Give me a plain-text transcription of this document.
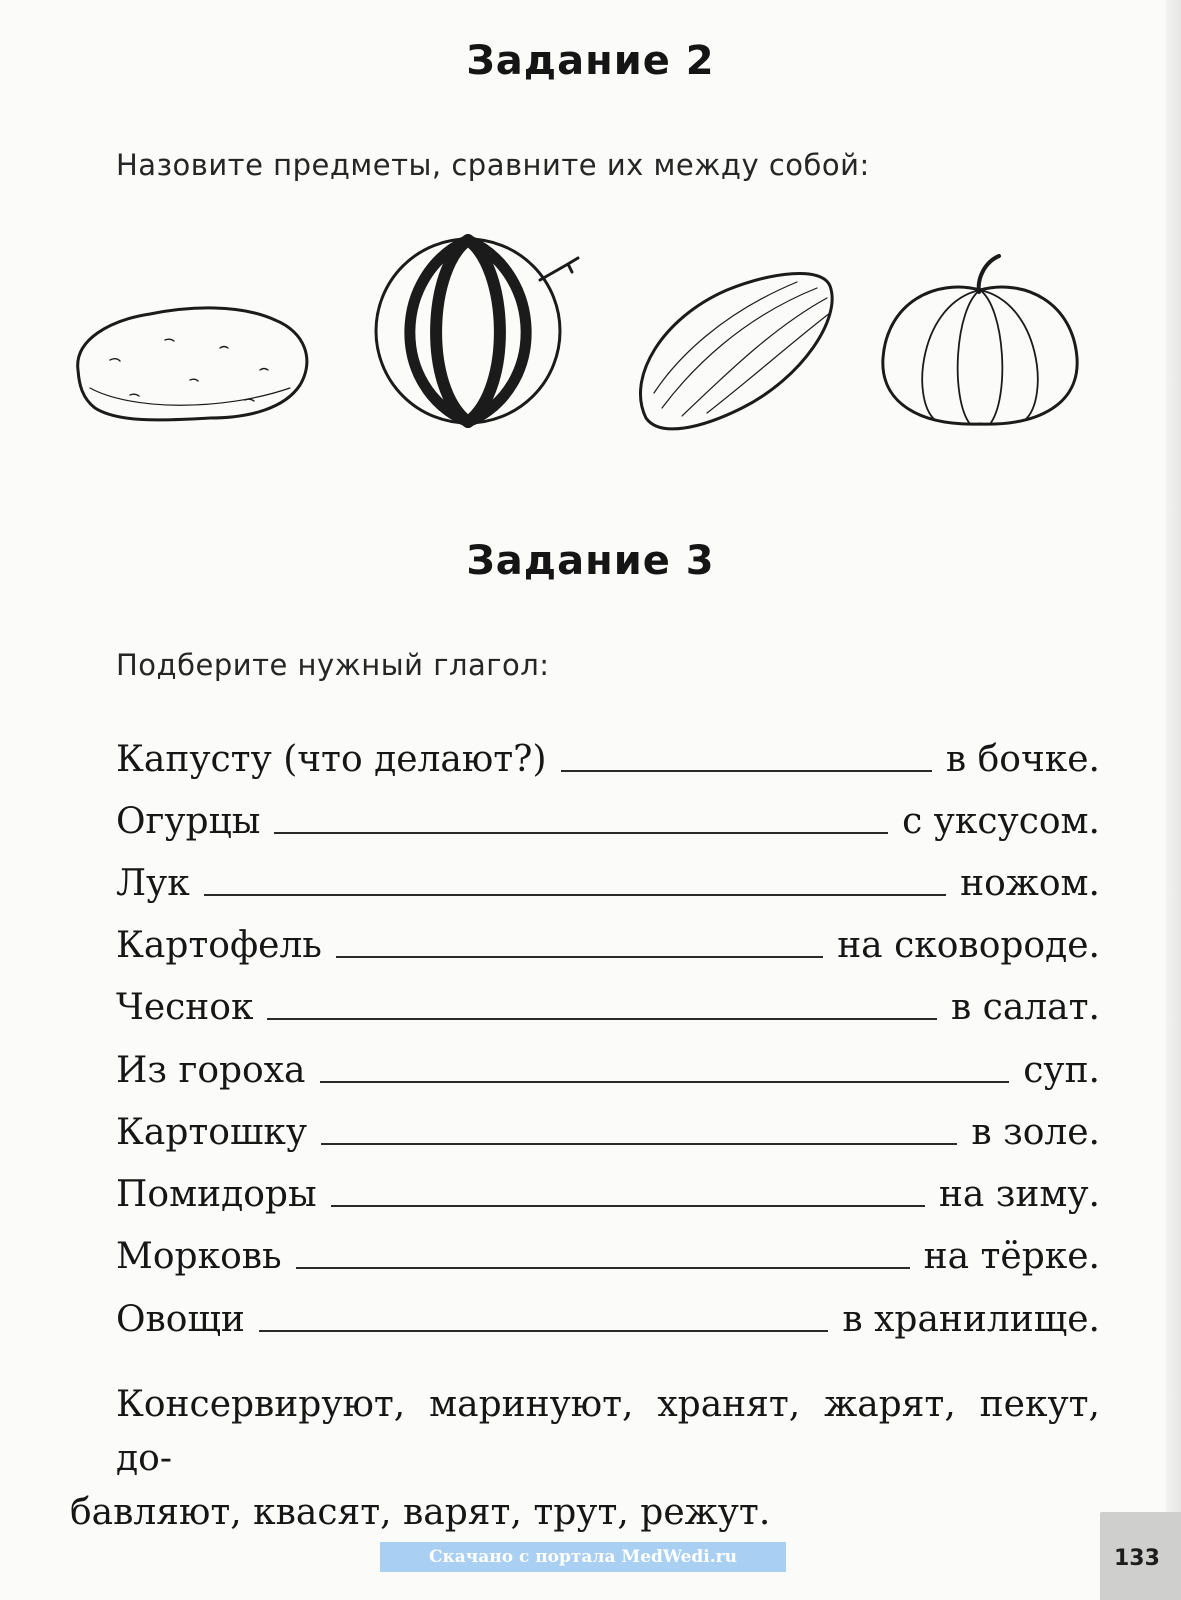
Задание 2
Назовите предметы, сравните их между собой:
Задание 3
Подберите нужный глагол:
Капусту (что делают?)	в бочке.
Огурцы	с уксусом.
Лук	ножом.
Картофель	на сковороде.
Чеснок	в салат.
Из гороха	суп.
Картошку	в золе.
Помидоры	на зиму.
Морковь	на тёрке.
Овощи	в хранилище.
Консервируют, маринуют, хранят, жарят, пекут, до-
бавляют, квасят, варят, трут, режут.
Скачано с портала MedWedi.ru	133
